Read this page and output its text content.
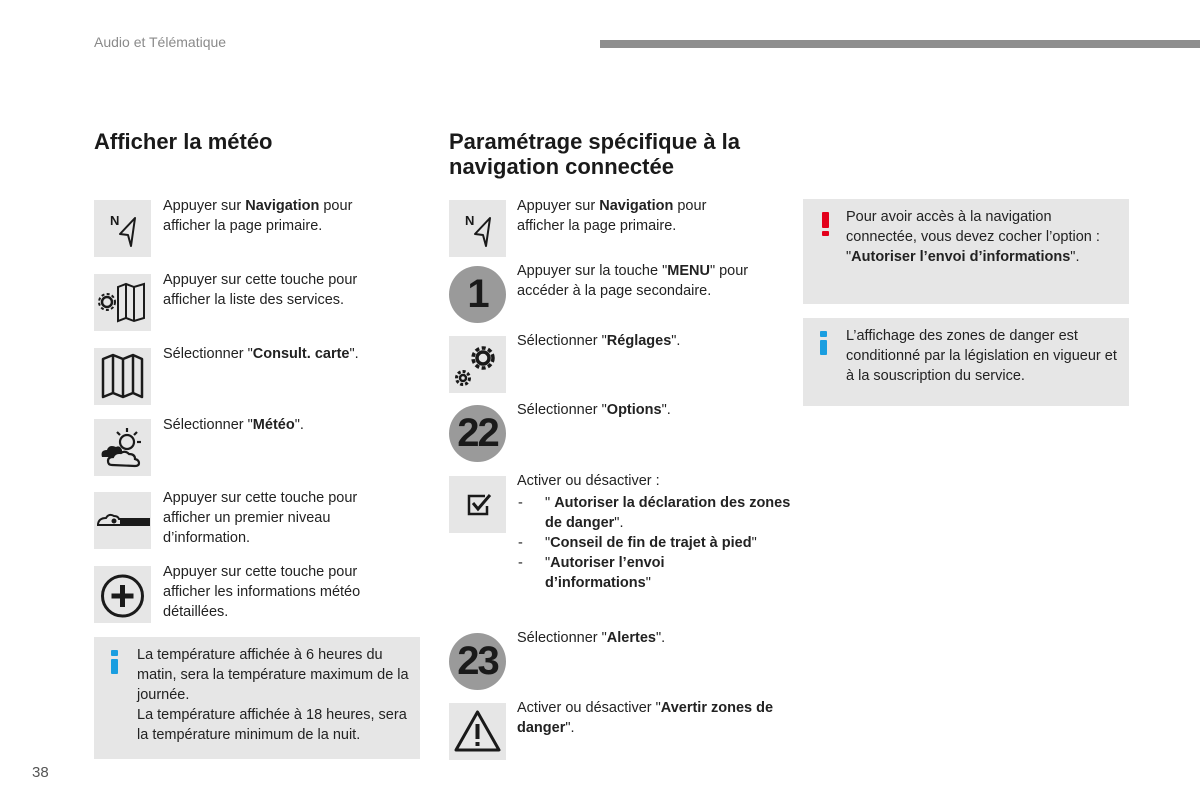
Audio et Télématique
Afficher la météo
N
Appuyer sur Navigation pour afficher la page primaire.
Appuyer sur cette touche pour afficher la liste des services.
Sélectionner "Consult. carte".
Sélectionner "Météo".
Appuyer sur cette touche pour afficher un premier niveau d’information.
Appuyer sur cette touche pour afficher les informations météo détaillées.
La température affichée à 6 heures du matin, sera la température maximum de la journée.
La température affichée à 18 heures, sera la température minimum de la nuit.
Paramétrage spécifique à la
navigation connectée
N
Appuyer sur Navigation pour afficher la page primaire.
1
Appuyer sur la touche "MENU" pour accéder à la page secondaire.
Sélectionner "Réglages".
22
Sélectionner "Options".
Activer ou désactiver :
- " Autoriser la déclaration des zones de danger".
- "Conseil de fin de trajet à pied"
- "Autoriser l’envoi d’informations"
23
Sélectionner "Alertes".
Activer ou désactiver "Avertir zones de danger".
Pour avoir accès à la navigation connectée, vous devez cocher l’option : "Autoriser l’envoi d’informations".
L’affichage des zones de danger est conditionné par la législation en vigueur et à la souscription du service.
38
